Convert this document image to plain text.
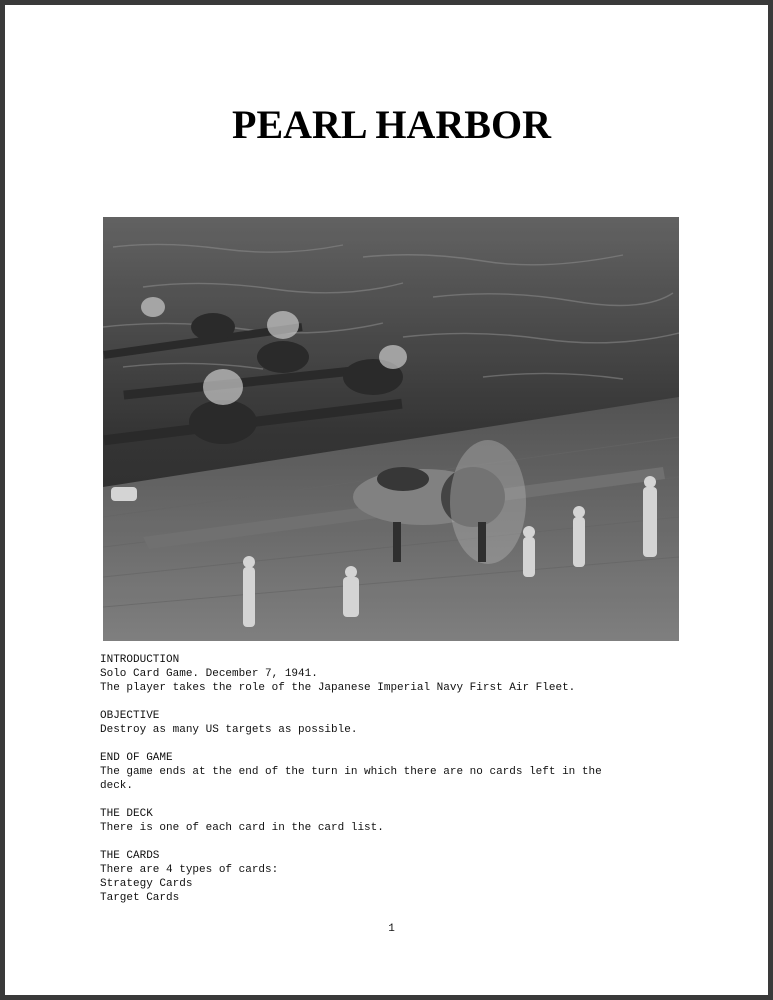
PEARL HARBOR

INTRODUCTION

Solo Card Game. December 7, 1941.

The player takes the role of the Japanese Imperial Navy First Air Fleet.

OBJECTIVE

Destroy as many US targets as possible.

END OF GAME

The game ends at the end of the turn in which there are no cards left in the

deck.

THE DECK

There is one of each card in the card list.

THE CARDS

There are 4 types of cards:

Strategy Cards

Target Cards

1
